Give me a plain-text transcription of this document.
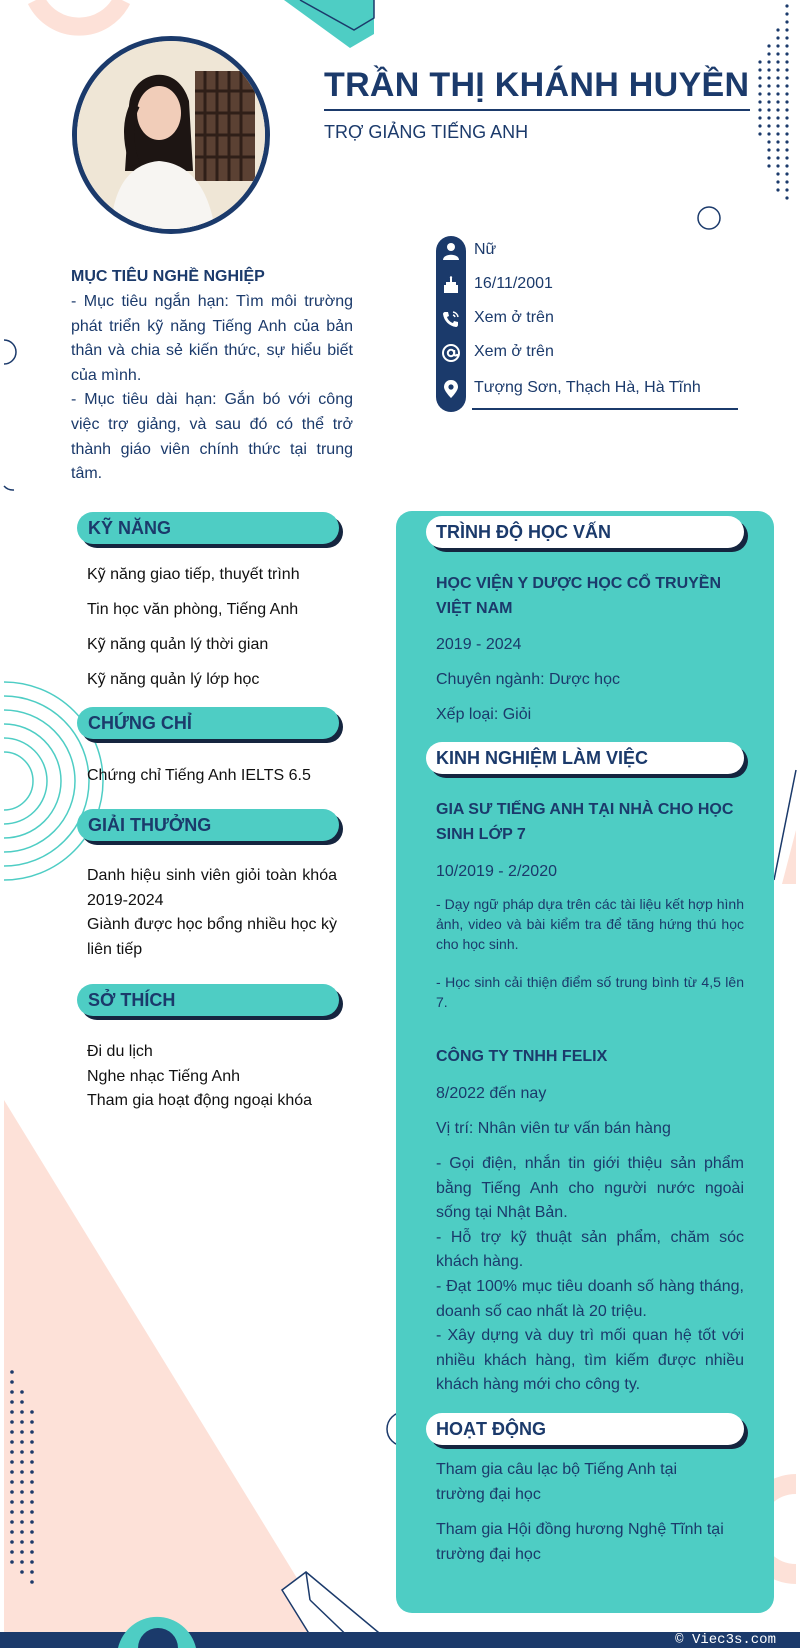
TRẦN THỊ KHÁNH HUYỀN
TRỢ GIẢNG TIẾNG ANH
Nữ
16/11/2001
Xem ở trên
Xem ở trên
Tượng Sơn, Thạch Hà, Hà Tĩnh
MỤC TIÊU NGHỀ NGHIỆP

- Mục tiêu ngắn hạn: Tìm môi trường phát triển kỹ năng Tiếng Anh của bản thân và chia sẻ kiến thức, sự hiểu biết của mình.

- Mục tiêu dài hạn: Gắn bó với công việc trợ giảng, và sau đó có thể trở thành giáo viên chính thức tại trung tâm.

KỸ NĂNG
Kỹ năng giao tiếp, thuyết trình
Tin học văn phòng, Tiếng Anh
Kỹ năng quản lý thời gian
Kỹ năng quản lý lớp học
CHỨNG CHỈ
Chứng chỉ Tiếng Anh IELTS 6.5
GIẢI THƯỞNG

Danh hiệu sinh viên giỏi toàn khóa 2019-2024

Giành được học bổng nhiều học kỳ liên tiếp

SỞ THÍCH

Đi du lịch

Nghe nhạc Tiếng Anh

Tham gia hoạt động ngoại khóa

TRÌNH ĐỘ HỌC VẤN
HỌC VIỆN Y DƯỢC HỌC CỔ TRUYỀN VIỆT NAM
2019 - 2024
Chuyên ngành: Dược học
Xếp loại: Giỏi
KINH NGHIỆM LÀM VIỆC
GIA SƯ TIẾNG ANH TẠI NHÀ CHO HỌC SINH LỚP 7
10/2019 - 2/2020
- Dạy ngữ pháp dựa trên các tài liệu kết hợp hình ảnh, video và bài kiểm tra để tăng hứng thú học cho học sinh.
- Học sinh cải thiện điểm số trung bình từ 4,5 lên 7.
CÔNG TY TNHH FELIX
8/2022 đến nay
Vị trí: Nhân viên tư vấn bán hàng

- Gọi điện, nhắn tin giới thiệu sản phẩm bằng Tiếng Anh cho người nước ngoài sống tại Nhật Bản.

- Hỗ trợ kỹ thuật sản phẩm, chăm sóc khách hàng.

- Đạt 100% mục tiêu doanh số hàng tháng, doanh số cao nhất là 20 triệu.

- Xây dựng và duy trì mối quan hệ tốt với nhiều khách hàng, tìm kiếm được nhiều khách hàng mới cho công ty.

HOẠT ĐỘNG
Tham gia câu lạc bộ Tiếng Anh tại trường đại học
Tham gia Hội đồng hương Nghệ Tĩnh tại trường đại học
© Viec3s.com
